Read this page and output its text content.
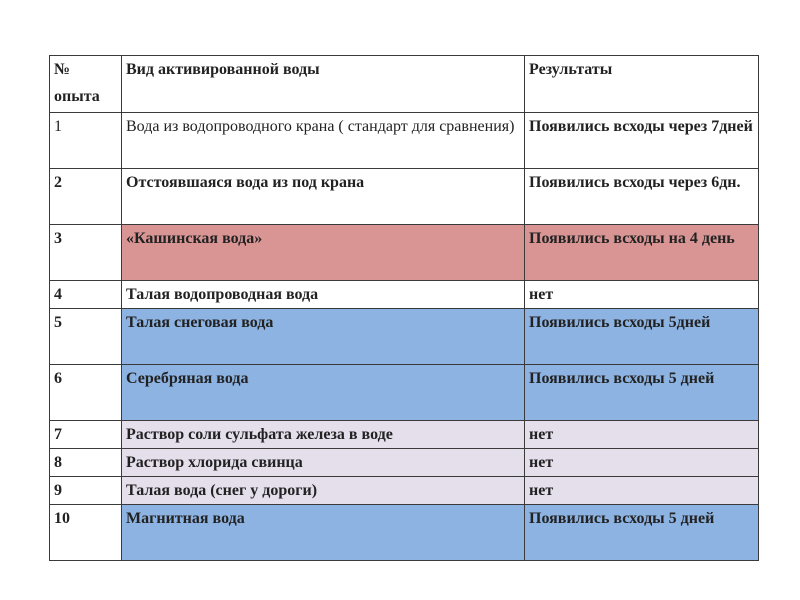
№ опыта	Вид активированной воды	Результаты
1	Вода из водопроводного крана ( стандарт для сравнения)	Появились всходы через 7дней
2	Отстоявшаяся вода из под крана	Появились всходы через 6дн.
3	«Кашинская вода»	Появились всходы на 4 день
4	Талая водопроводная вода	нет
5	Талая снеговая вода	Появились всходы 5дней
6	Серебряная вода	Появились всходы 5 дней
7	Раствор соли сульфата железа в воде	нет
8	Раствор хлорида свинца	нет
9	Талая вода (снег у дороги)	нет
10	Магнитная вода	Появились всходы 5 дней
